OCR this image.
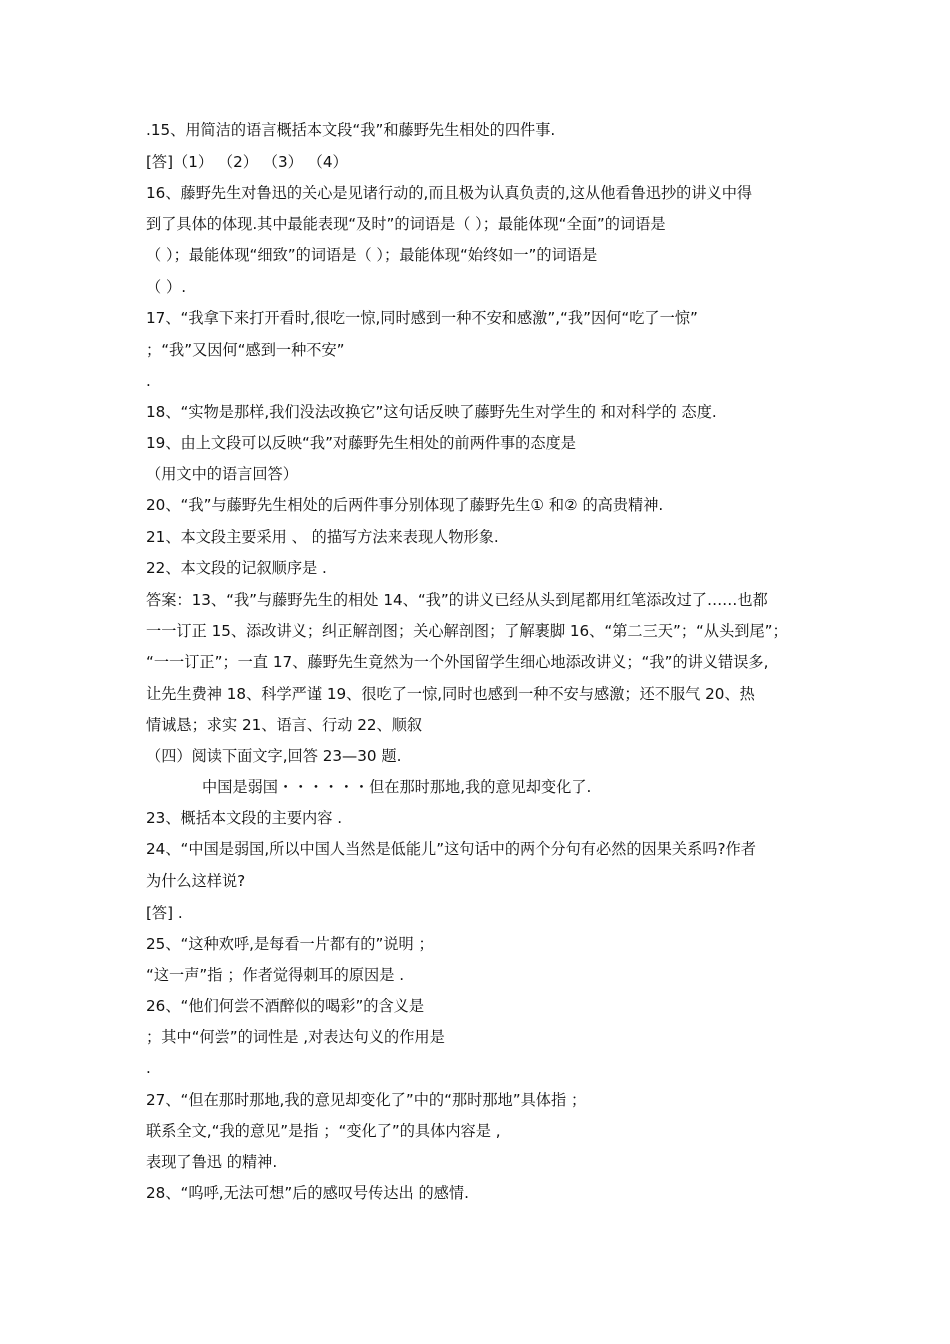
.15、用简洁的语言概括本文段“我”和藤野先生相处的四件事.
[答]（1） （2） （3） （4）
16、藤野先生对鲁迅的关心是见诸行动的,而且极为认真负责的,这从他看鲁迅抄的讲义中得
到了具体的体现.其中最能表现“及时”的词语是（ ）；最能体现“全面”的词语是
（ ）；最能体现“细致”的词语是（ ）；最能体现“始终如一”的词语是
（ ）.
17、“我拿下来打开看时,很吃一惊,同时感到一种不安和感激”,“我”因何“吃了一惊”
；“我”又因何“感到一种不安”
.
18、“实物是那样,我们没法改换它”这句话反映了藤野先生对学生的 和对科学的 态度.
19、由上文段可以反映“我”对藤野先生相处的前两件事的态度是
（用文中的语言回答）
20、“我”与藤野先生相处的后两件事分别体现了藤野先生① 和② 的高贵精神.
21、本文段主要采用 、 的描写方法来表现人物形象.
22、本文段的记叙顺序是 .
答案：13、“我”与藤野先生的相处 14、“我”的讲义已经从头到尾都用红笔添改过了……也都
一一订正 15、添改讲义；纠正解剖图；关心解剖图；了解裹脚 16、“第二三天”；“从头到尾”；
“一一订正”；一直 17、藤野先生竟然为一个外国留学生细心地添改讲义；“我”的讲义错误多,
让先生费神 18、科学严谨 19、很吃了一惊,同时也感到一种不安与感激；还不服气 20、热
情诚恳；求实 21、语言、行动 22、顺叙
（四）阅读下面文字,回答 23—30 题.
中国是弱国・・・・・・但在那时那地,我的意见却变化了.
23、概括本文段的主要内容 .
24、“中国是弱国,所以中国人当然是低能儿”这句话中的两个分句有必然的因果关系吗?作者
为什么这样说?
[答] .
25、“这种欢呼,是每看一片都有的”说明 ；
“这一声”指 ；作者觉得刺耳的原因是 .
26、“他们何尝不酒醉似的喝彩”的含义是
；其中“何尝”的词性是 ,对表达句义的作用是
.
27、“但在那时那地,我的意见却变化了”中的“那时那地”具体指 ；
联系全文,“我的意见”是指 ；“变化了”的具体内容是 ,
表现了鲁迅 的精神.
28、“呜呼,无法可想”后的感叹号传达出 的感情.
